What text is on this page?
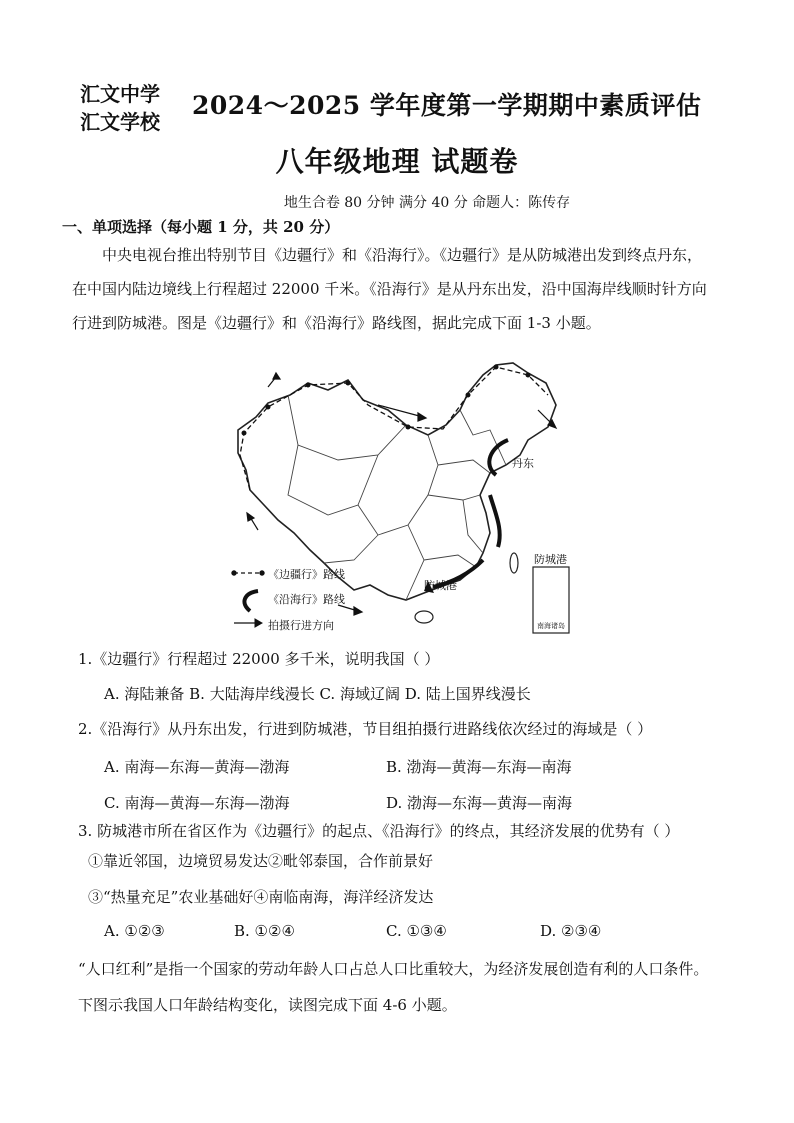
汇文中学
汇文学校
2024～2025 学年度第一学期期中素质评估
八年级地理 试题卷
地生合卷 80 分钟 满分 40 分 命题人：陈传存
一、单项选择（每小题 1 分，共 20 分）
中央电视台推出特别节目《边疆行》和《沿海行》。《边疆行》是从防城港出发到终点丹东，
在中国内陆边境线上行程超过 22000 千米。《沿海行》是从丹东出发，沿中国海岸线顺时针方向
行进到防城港。图是《边疆行》和《沿海行》路线图，据此完成下面 1-3 小题。
丹东
防城港
防城港
南海诸岛
《边疆行》路线
《沿海行》路线
拍摄行进方向
1.《边疆行》行程超过 22000 多千米，说明我国（ ）
A. 海陆兼备 B. 大陆海岸线漫长 C. 海域辽阔 D. 陆上国界线漫长
2.《沿海行》从丹东出发，行进到防城港，节目组拍摄行进路线依次经过的海域是（ ）
A. 南海—东海—黄海—渤海	B. 渤海—黄海—东海—南海
C. 南海—黄海—东海—渤海	D. 渤海—东海—黄海—南海
3. 防城港市所在省区作为《边疆行》的起点、《沿海行》的终点，其经济发展的优势有（ ）
①靠近邻国，边境贸易发达②毗邻泰国，合作前景好
③“热量充足”农业基础好④南临南海，海洋经济发达
A. ①②③	B. ①②④	C. ①③④	D. ②③④
“人口红利”是指一个国家的劳动年龄人口占总人口比重较大，为经济发展创造有利的人口条件。
下图示我国人口年龄结构变化，读图完成下面 4-6 小题。
